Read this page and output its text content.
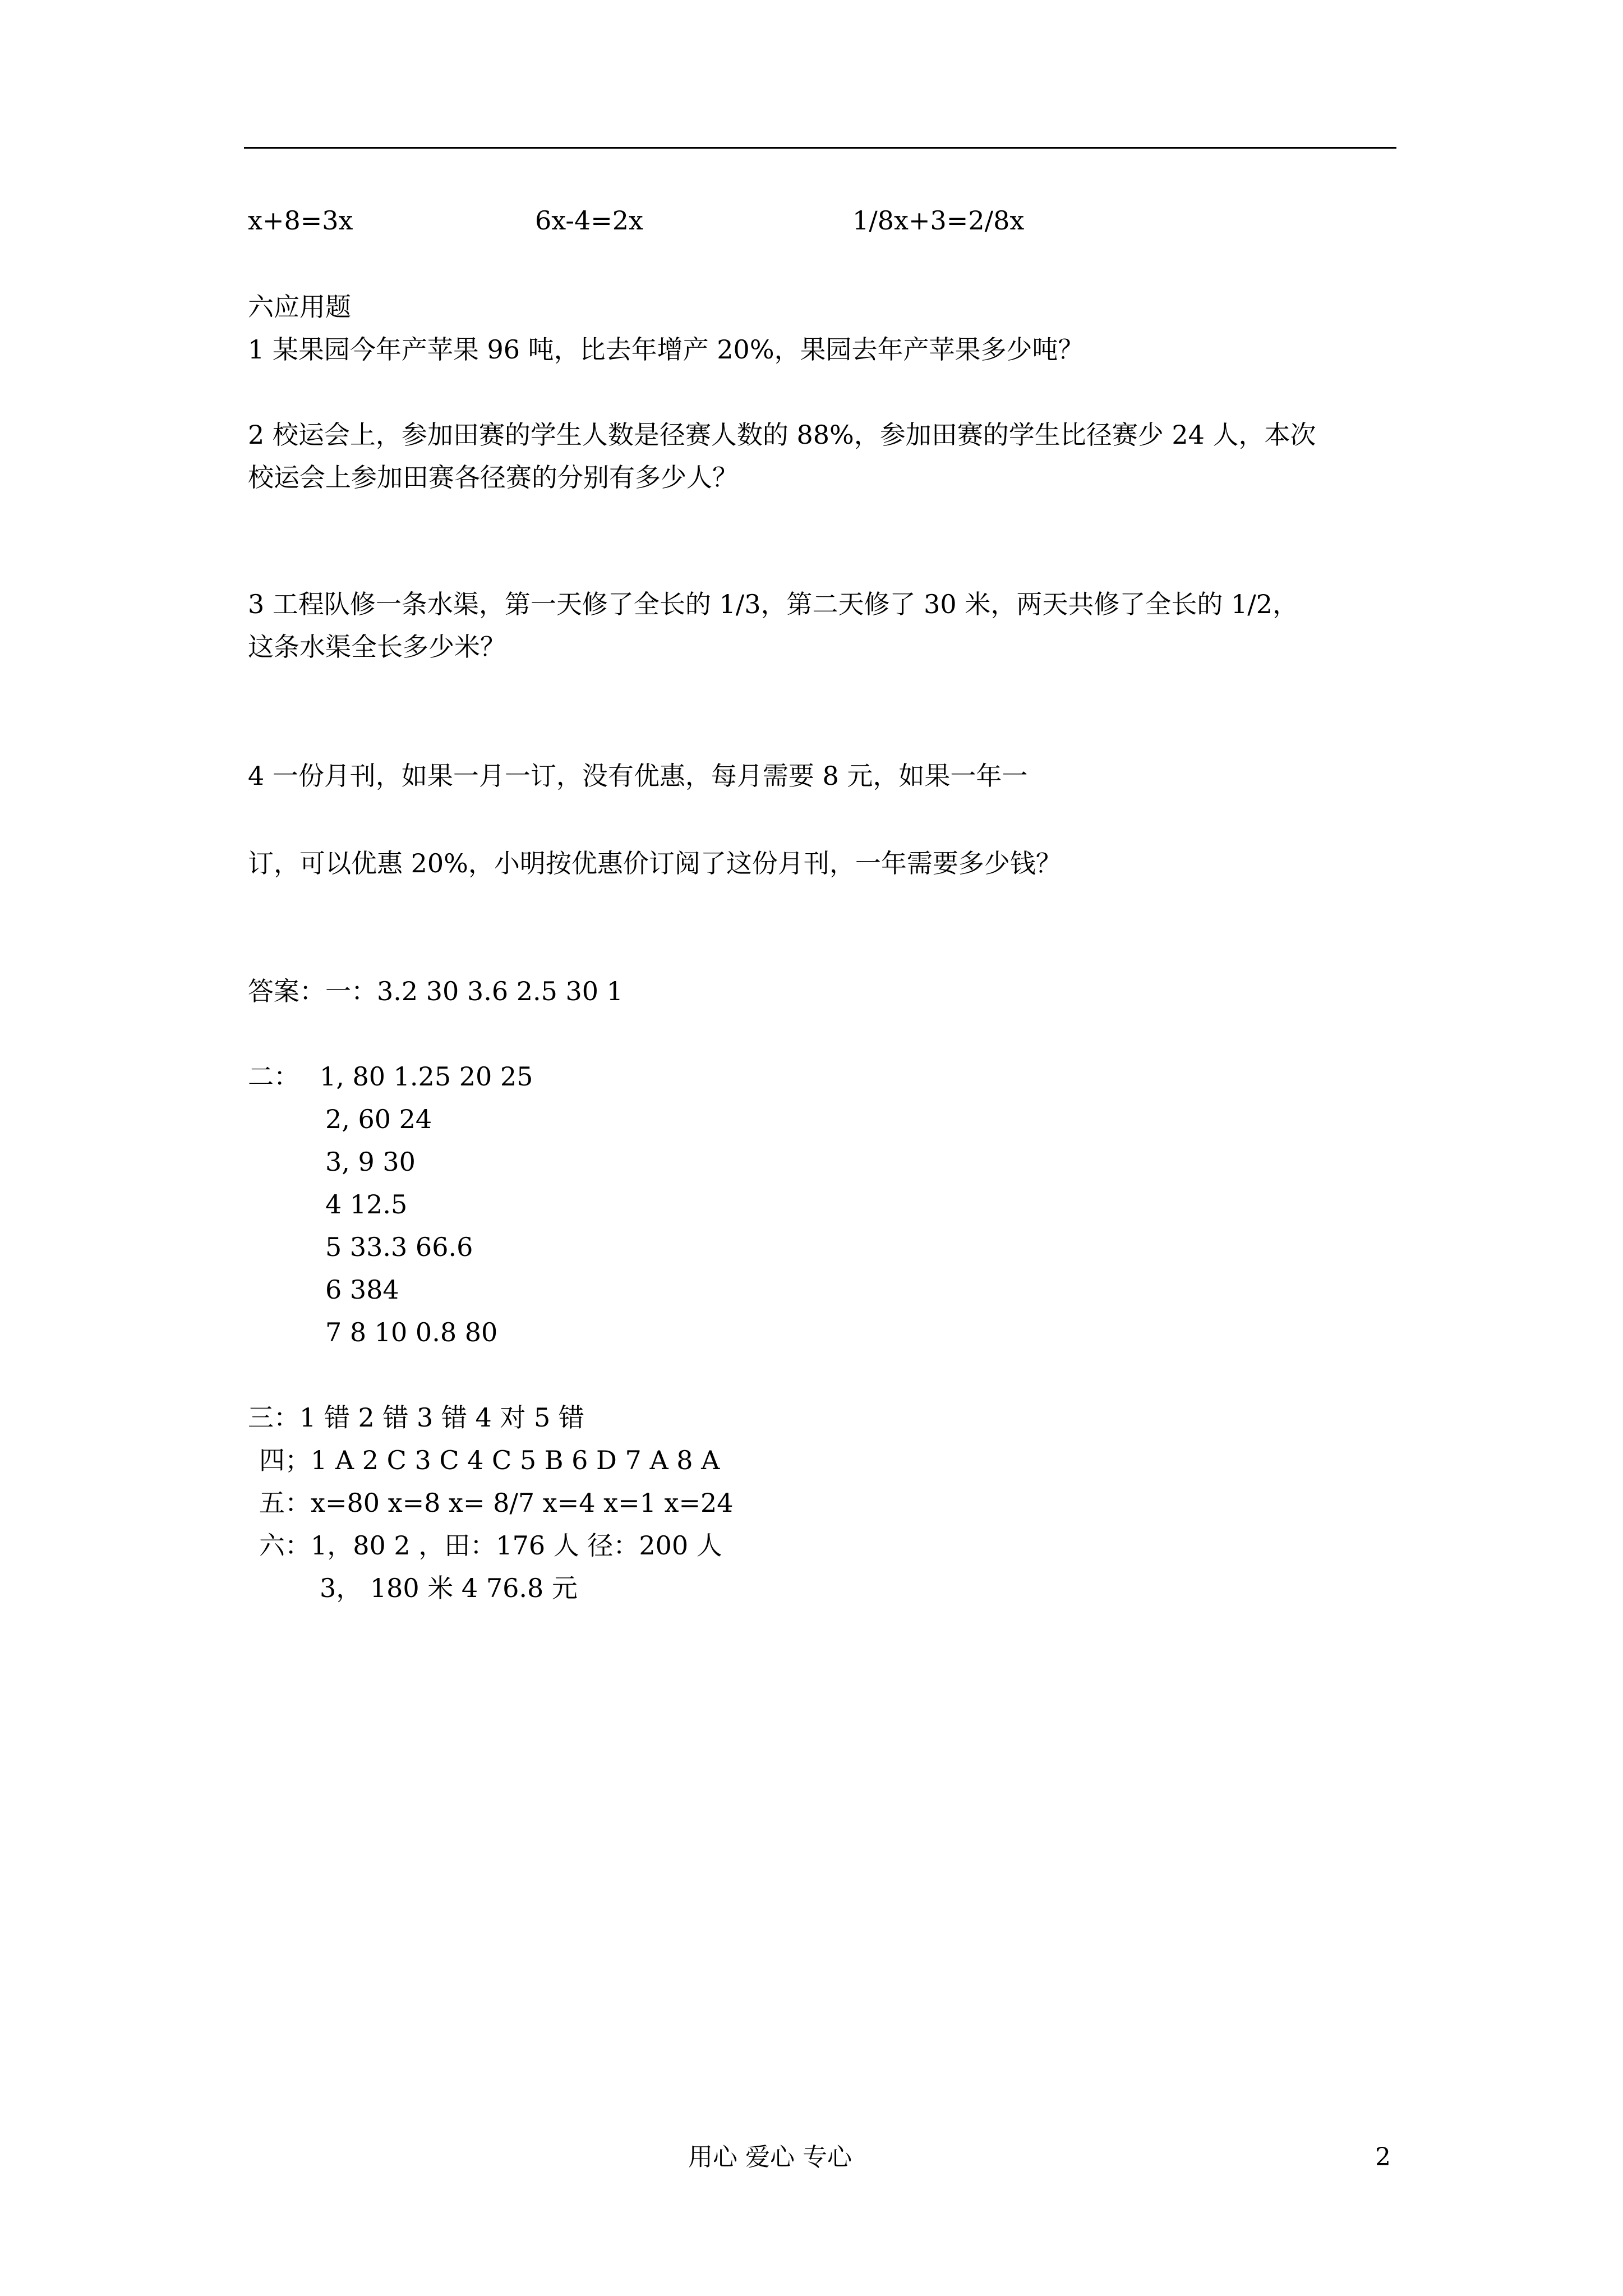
x+8=3x	6x-4=2x	1/8x+3=2/8x
六应用题
1 某果园今年产苹果 96 吨，比去年增产 20%，果园去年产苹果多少吨？
2 校运会上，参加田赛的学生人数是径赛人数的 88%，参加田赛的学生比径赛少 24 人，本次
校运会上参加田赛各径赛的分别有多少人？
3 工程队修一条水渠，第一天修了全长的 1/3，第二天修了 30 米，两天共修了全长的 1/2，
这条水渠全长多少米？
4 一份月刊，如果一月一订，没有优惠，每月需要 8 元，如果一年一
订，可以优惠 20%，小明按优惠价订阅了这份月刊，一年需要多少钱？
答案：一：3.2 30 3.6 2.5 30 1
二： 1, 80 1.25 20 25
2, 60 24
3, 9 30
4 12.5
5 33.3 66.6
6 384
7 8 10 0.8 80
三：1 错 2 错 3 错 4 对 5 错
四；1 A 2 C 3 C 4 C 5 B 6 D 7 A 8 A
五：x=80 x=8 x= 8/7 x=4 x=1 x=24
六：1，80 2 ，田：176 人 径：200 人
3， 180 米 4 76.8 元
用心 爱心 专心	2
